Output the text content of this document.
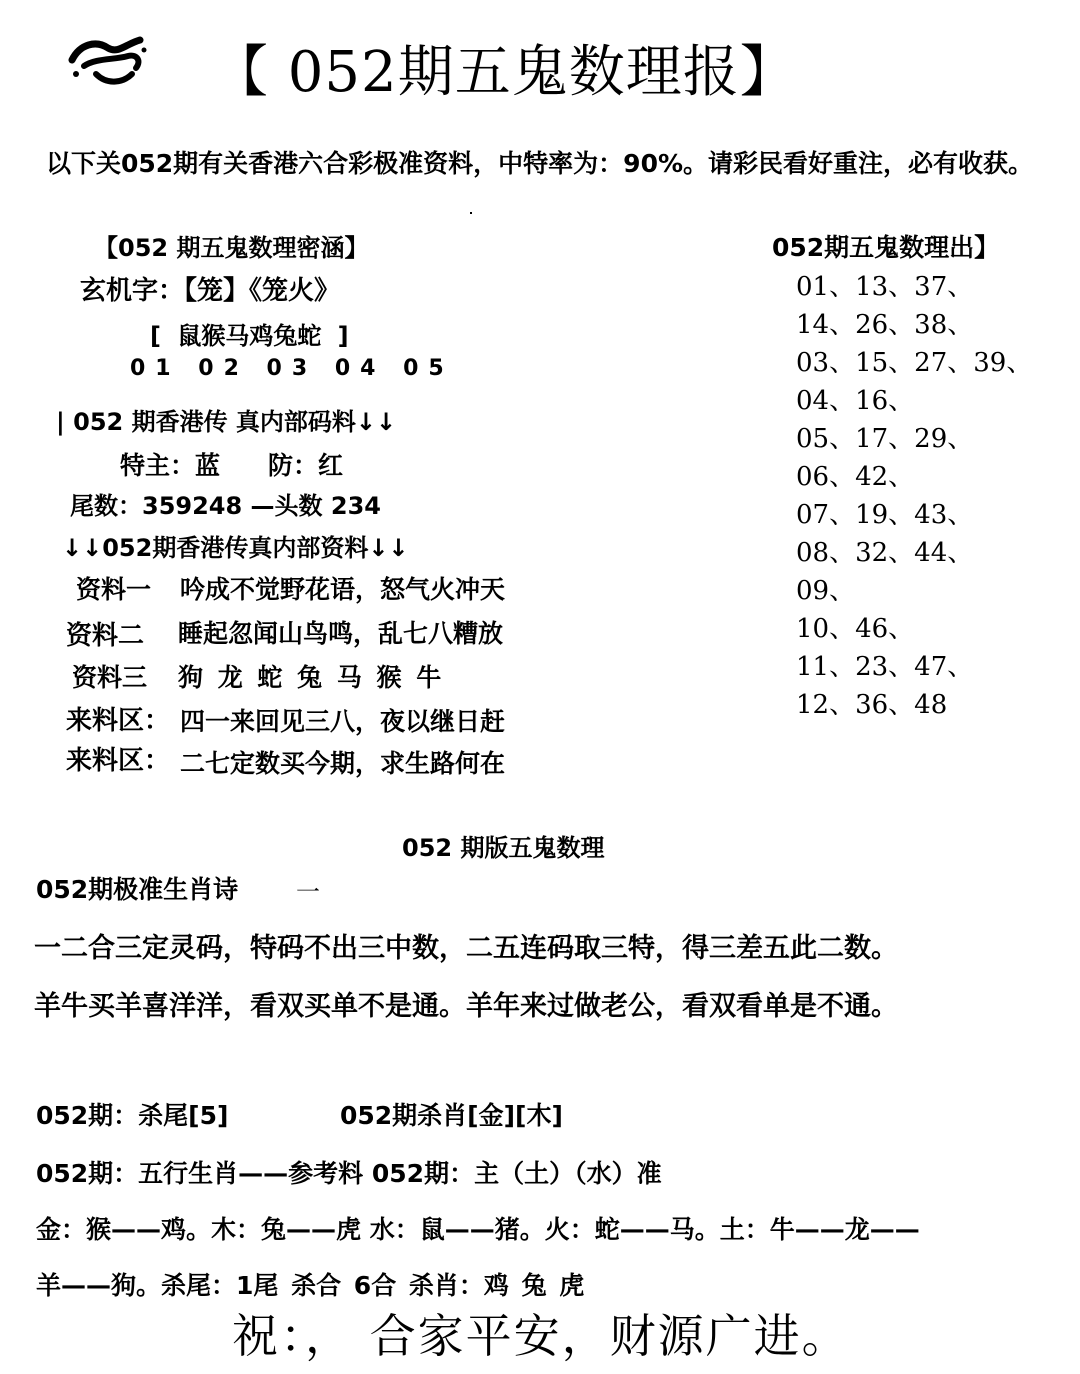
【 052期五鬼数理报】
以下关052期有关香港六合彩极准资料，中特率为：90%。请彩民看好重注，必有收获。
【052 期五鬼数理密涵】
玄机字：【笼】《笼火》
[ 鼠猴马鸡兔蛇 ]
01 02 03 04 05
| 052 期香港传 真内部码料↓↓
特主：蓝 防：红
尾数：359248 —头数 234
↓↓052期香港传真内部资料↓↓
资料一 吟成不觉野花语，怒气火冲天
资料二 睡起忽闻山鸟鸣，乱七八糟放
资料三 狗 龙 蛇 兔 马 猴 牛
来料区： 四一来回见三八，夜以继日赶
来料区： 二七定数买今期，求生路何在
052期五鬼数理出】
01、13、37、
14、26、38、
03、15、27、39、
04、16、
05、17、29、
06、42、
07、19、43、
08、32、44、
09、
10、46、
11、23、47、
12、36、48
052 期版五鬼数理
052期极准生肖诗 一
一二合三定灵码，特码不出三中数，二五连码取三特，得三差五此二数。
羊牛买羊喜洋洋，看双买单不是通。羊年来过做老公，看双看单是不通。
052期：杀尾[5]	052期杀肖[金][木]
052期：五行生肖——参考料 052期：主（土）（水）准
金：猴——鸡。木：兔——虎 水：鼠——猪。火：蛇——马。土：牛——龙——
羊——狗。杀尾：1尾 杀合 6合 杀肖：鸡 兔 虎
祝：， 合家平安，财源广进。
